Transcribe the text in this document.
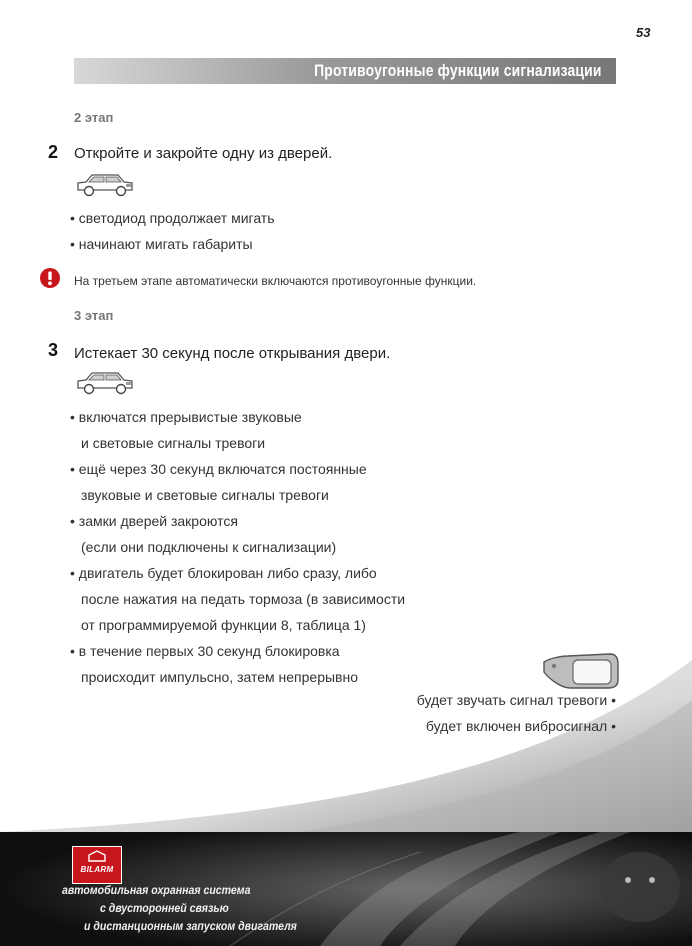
53
Противоугонные функции сигнализации
2 этап
2 Откройте и закройте одну из дверей.
• светодиод продолжает мигать
• начинают мигать габариты
На третьем этапе автоматически включаются противоугонные функции.
3 этап
3 Истекает 30 секунд после открывания двери.
• включатся прерывистые звуковые
и световые сигналы тревоги
• ещё через 30 секунд включатся постоянные
звуковые и световые сигналы тревоги
• замки дверей закроются
(если они подключены к сигнализации)
• двигатель будет блокирован либо сразу, либо
после нажатия на педать тормоза (в зависимости
от программируемой функции 8, таблица 1)
• в течение первых 30 секунд блокировка
происходит импульсно, затем непрерывно
будет звучать сигнал тревоги •
будет включен вибросигнал •
BILARM
автомобильная охранная система
с двусторонней связью
и дистанционным запуском двигателя
